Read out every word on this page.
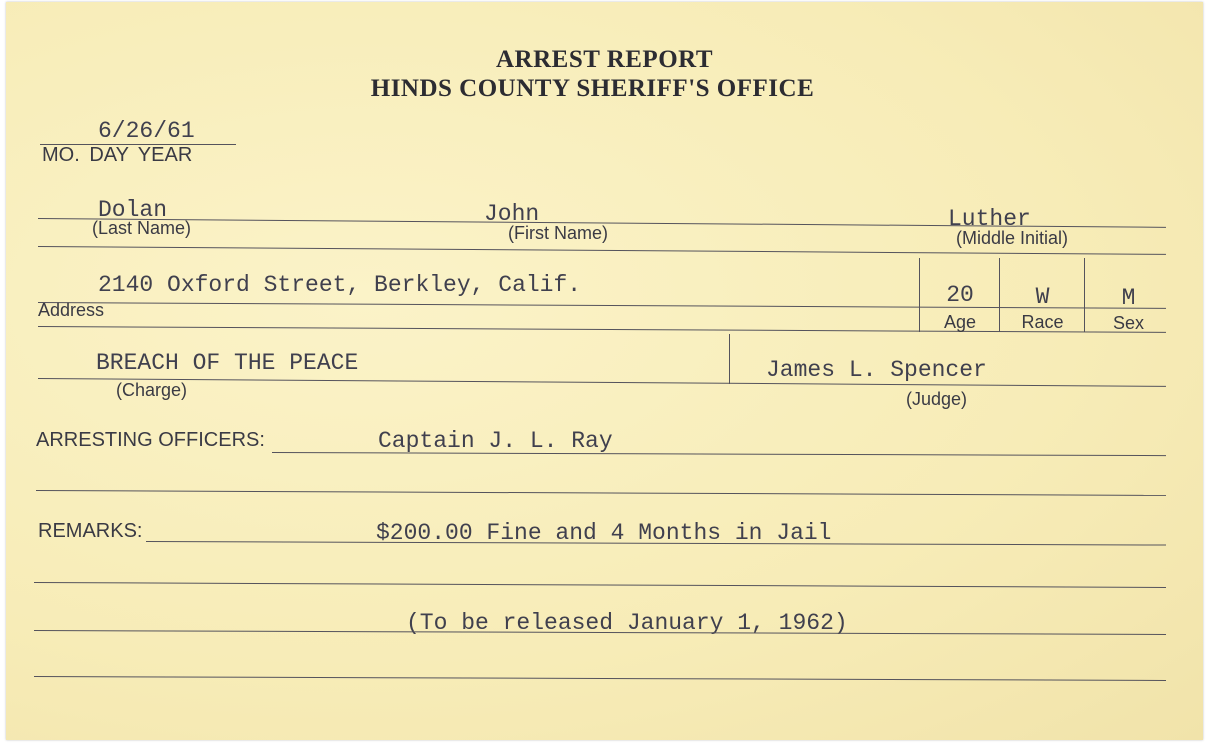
ARREST REPORT
HINDS COUNTY SHERIFF'S OFFICE
6/26/61
MO. DAY YEAR
Dolan	John	Luther
(Last Name)	(First Name)	(Middle Initial)
2140 Oxford Street, Berkley, Calif.
Address
20	W	M
Age	Race	Sex
BREACH OF THE PEACE	James L. Spencer
(Charge)	(Judge)
ARRESTING OFFICERS:	Captain J. L. Ray
REMARKS:	$200.00 Fine and 4 Months in Jail
(To be released January 1, 1962)
